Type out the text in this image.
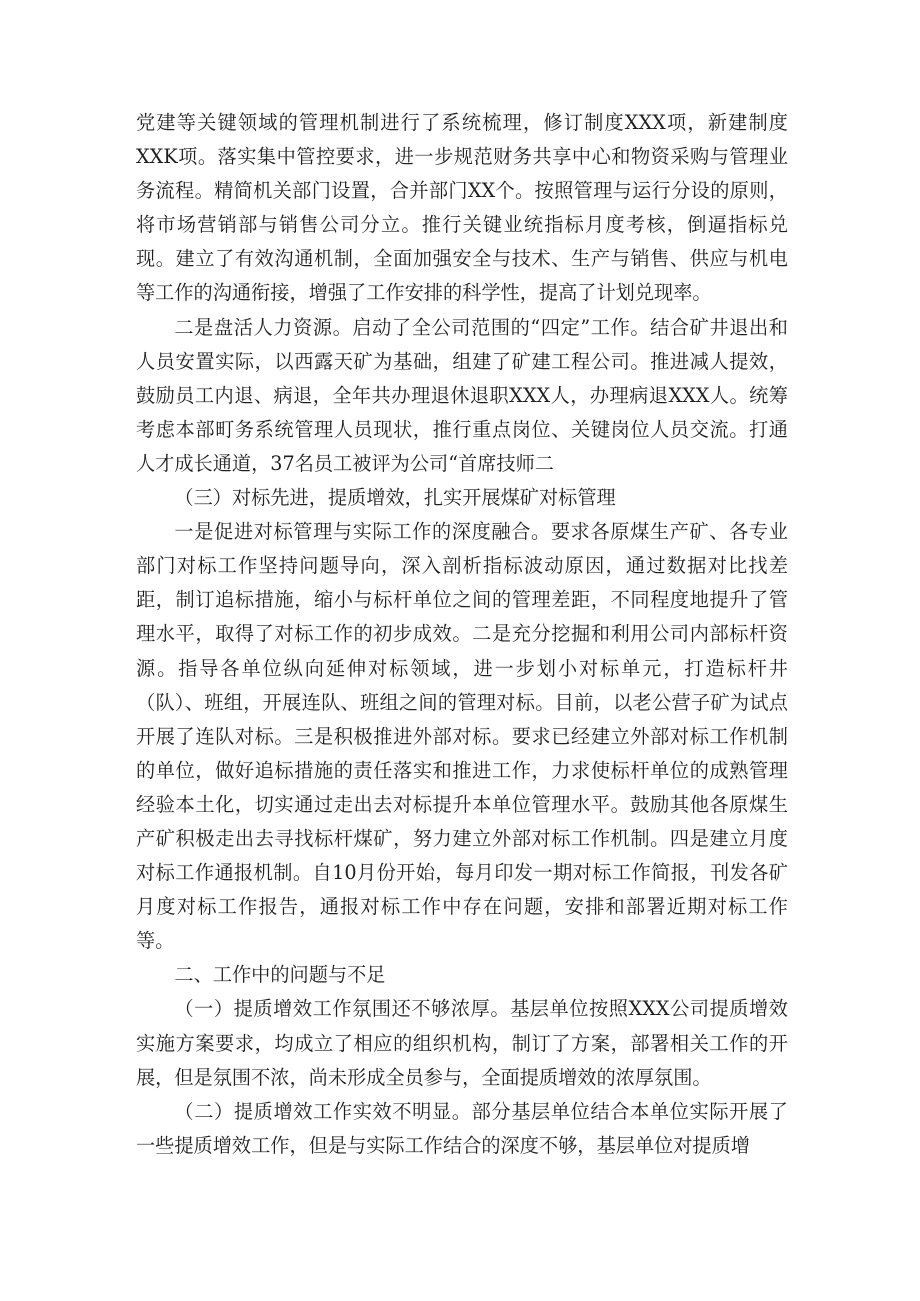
党建等关键领域的管理机制进行了系统梳理，修订制度XXX项，新建制度XXK项。落实集中管控要求，进一步规范财务共享中心和物资采购与管理业务流程。精简机关部门设置，合并部门XX个。按照管理与运行分设的原则，将市场营销部与销售公司分立。推行关键业统指标月度考核，倒逼指标兑现。建立了有效沟通机制，全面加强安全与技术、生产与销售、供应与机电等工作的沟通衔接，增强了工作安排的科学性，提高了计划兑现率。

二是盘活人力资源。启动了全公司范围的“四定”工作。结合矿井退出和人员安置实际，以西露天矿为基础，组建了矿建工程公司。推进减人提效，鼓励员工内退、病退，全年共办理退休退职XXX人，办理病退XXX人。统筹考虑本部町务系统管理人员现状，推行重点岗位、关键岗位人员交流。打通人才成长通道，37名员工被评为公司“首席技师二

（三）对标先进，提质增效，扎实开展煤矿对标管理

一是促进对标管理与实际工作的深度融合。要求各原煤生产矿、各专业部门对标工作坚持问题导向，深入剖析指标波动原因，通过数据对比找差距，制订追标措施，缩小与标杆单位之间的管理差距，不同程度地提升了管理水平，取得了对标工作的初步成效。二是充分挖掘和利用公司内部标杆资源。指导各单位纵向延伸对标领域，进一步划小对标单元，打造标杆井（队）、班组，开展连队、班组之间的管理对标。目前，以老公营子矿为试点开展了连队对标。三是积极推进外部对标。要求已经建立外部对标工作机制的单位，做好追标措施的责任落实和推进工作，力求使标杆单位的成熟管理经验本土化，切实通过走出去对标提升本单位管理水平。鼓励其他各原煤生产矿积极走出去寻找标杆煤矿，努力建立外部对标工作机制。四是建立月度对标工作通报机制。自10月份开始，每月印发一期对标工作简报，刊发各矿月度对标工作报告，通报对标工作中存在问题，安排和部署近期对标工作等。

二、工作中的问题与不足

（一）提质增效工作氛围还不够浓厚。基层单位按照XXX公司提质增效实施方案要求，均成立了相应的组织机构，制订了方案，部署相关工作的开展，但是氛围不浓，尚未形成全员参与，全面提质增效的浓厚氛围。

（二）提质增效工作实效不明显。部分基层单位结合本单位实际开展了一些提质增效工作，但是与实际工作结合的深度不够，基层单位对提质增
